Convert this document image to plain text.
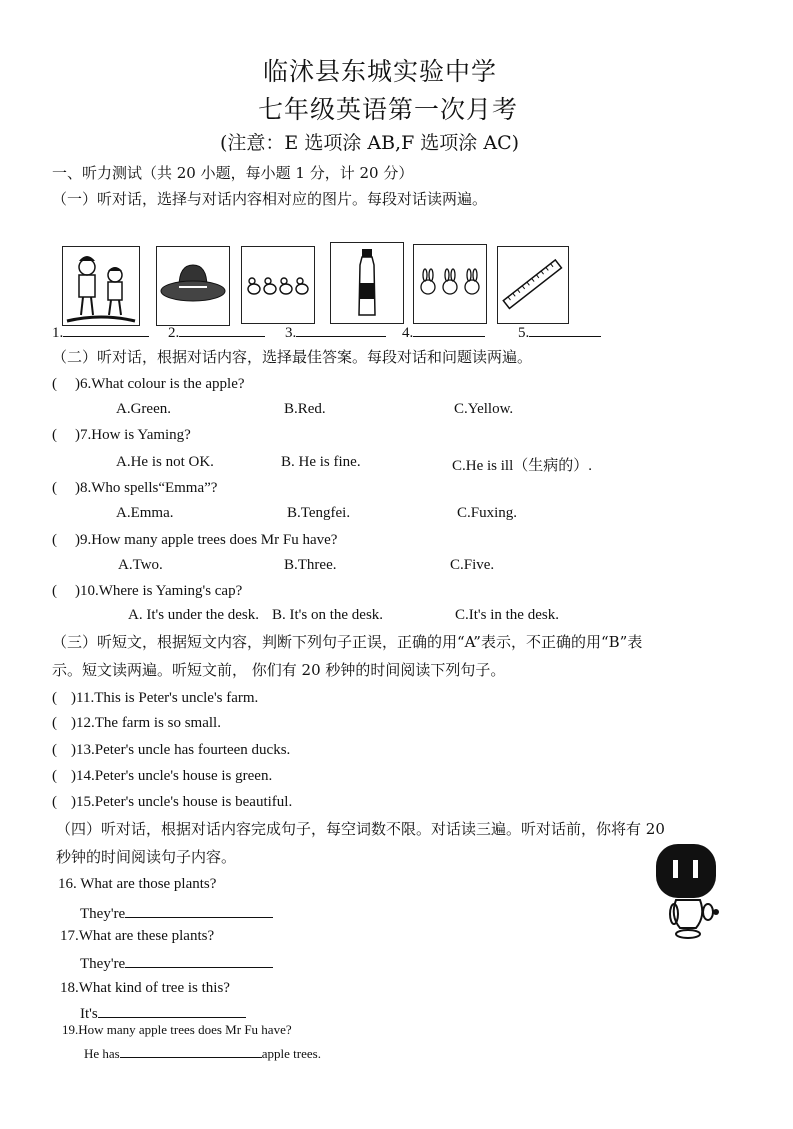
临沭县东城实验中学
七年级英语第一次月考
(注意：E 选项涂 AB,F 选项涂 AC)
一、听力测试（共 20 小题，每小题 1 分，计 20 分）
（一）听对话，选择与对话内容相对应的图片。每段对话读两遍。
1.	2.	3.	4.	5.
（二）听对话，根据对话内容，选择最佳答案。每段对话和问题读两遍。
( )6.What colour is the apple?
A.Green.	B.Red.	C.Yellow.
( )7.How is Yaming?
A.He is not OK.	B. He is fine.	C.He is ill（生病的）.
( )8.Who spells“Emma”?
A.Emma.	B.Tengfei.	C.Fuxing.
( )9.How many apple trees does Mr Fu have?
A.Two.	B.Three.	C.Five.
( )10.Where is Yaming's cap?
A. It's under the desk. B. It's on the desk.	C.It's in the desk.
（三）听短文，根据短文内容，判断下列句子正误，正确的用“A”表示，不正确的用“B”表
示。短文读两遍。听短文前， 你们有 20 秒钟的时间阅读下列句子。
( )11.This is Peter's uncle's farm.
( )12.The farm is so small.
( )13.Peter's uncle has fourteen ducks.
( )14.Peter's uncle's house is green.
( )15.Peter's uncle's house is beautiful.
（四）听对话，根据对话内容完成句子，每空词数不限。对话读三遍。听对话前，你将有 20
秒钟的时间阅读句子内容。
16. What are those plants?
They're
17.What are these plants?
They're
18.What kind of tree is this?
It's
19.How many apple trees does Mr Fu have?
He has	apple trees.
